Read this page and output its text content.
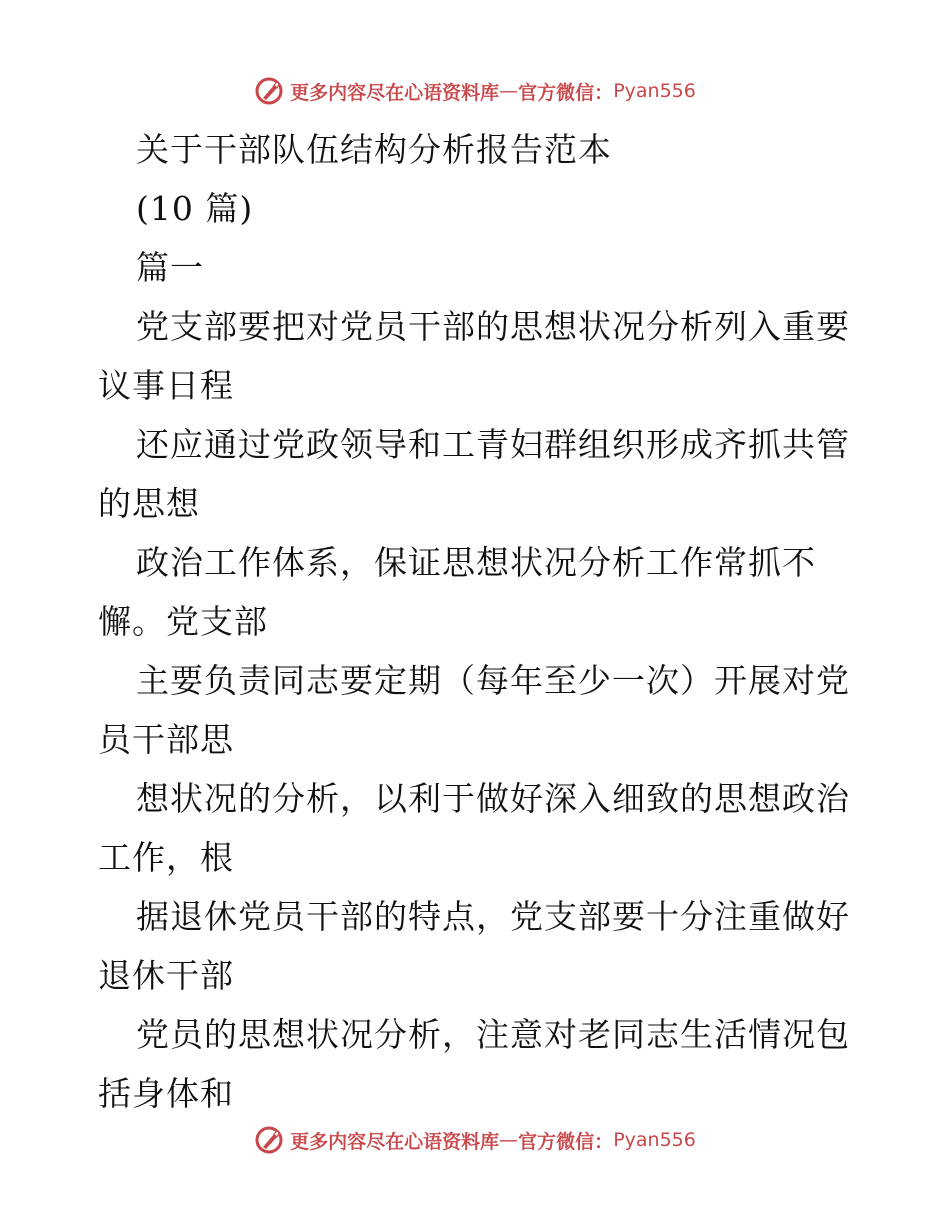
更多内容尽在心语资料库 — 官方微信： Pyan556
关于干部队伍结构分析报告范本
(10 篇)
篇一
党支部要把对党员干部的思想状况分析列入重要
议事日程
还应通过党政领导和工青妇群组织形成齐抓共管
的思想
政治工作体系，保证思想状况分析工作常抓不
懈。党支部
主要负责同志要定期（每年至少一次）开展对党
员干部思
想状况的分析，以利于做好深入细致的思想政治
工作，根
据退休党员干部的特点，党支部要十分注重做好
退休干部
党员的思想状况分析，注意对老同志生活情况包
括身体和
更多内容尽在心语资料库 — 官方微信： Pyan556
